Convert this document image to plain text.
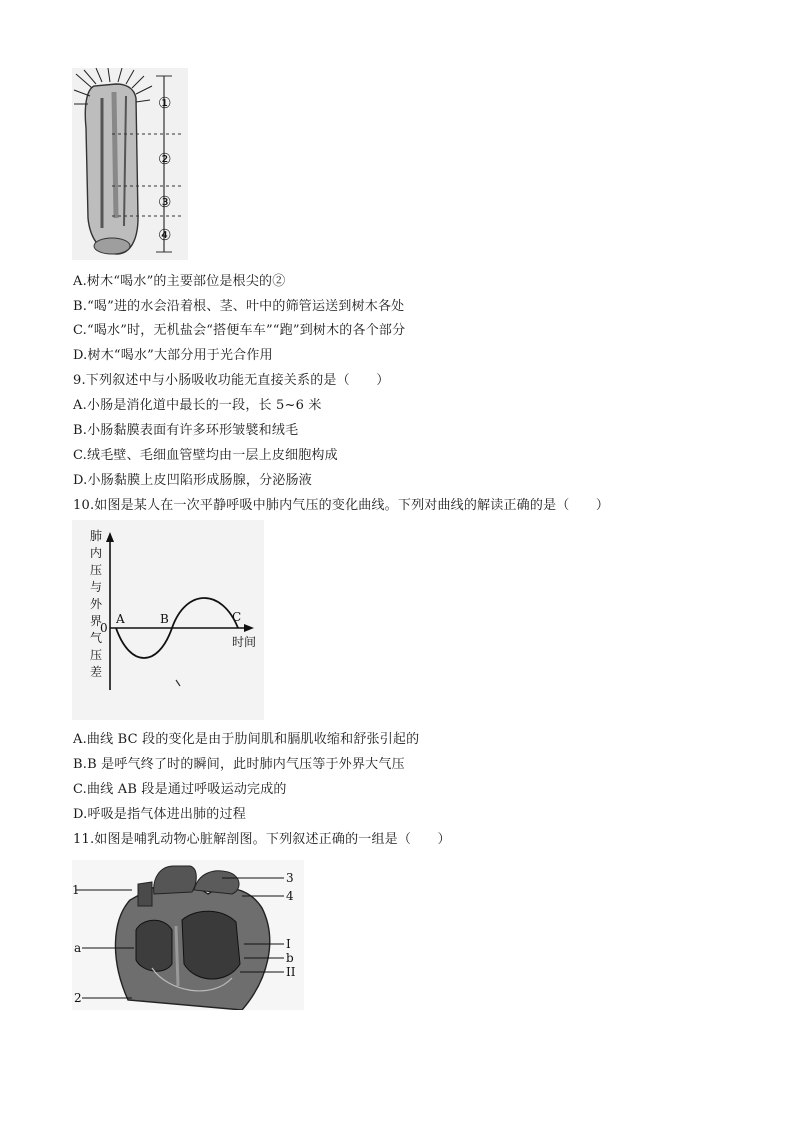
①
②
③
④
A.树木“喝水”的主要部位是根尖的②
B.“喝”进的水会沿着根、茎、叶中的筛管运送到树木各处
C.“喝水”时，无机盐会“搭便车车”“跑”到树木的各个部分
D.树木“喝水”大部分用于光合作用
9.下列叙述中与小肠吸收功能无直接关系的是（　　）
A.小肠是消化道中最长的一段，长 5~6 米
B.小肠黏膜表面有许多环形皱襞和绒毛
C.绒毛壁、毛细血管壁均由一层上皮细胞构成
D.小肠黏膜上皮凹陷形成肠腺，分泌肠液
10.如图是某人在一次平静呼吸中肺内气压的变化曲线。下列对曲线的解读正确的是（　　）
肺内压与外界气压差
0
A	B	C
时间
A.曲线 BC 段的变化是由于肋间肌和膈肌收缩和舒张引起的
B.B 是呼气终了时的瞬间，此时肺内气压等于外界大气压
C.曲线 AB 段是通过呼吸运动完成的
D.呼吸是指气体进出肺的过程
11.如图是哺乳动物心脏解剖图。下列叙述正确的一组是（　　）
1
a
2
3
4
I
b
II
